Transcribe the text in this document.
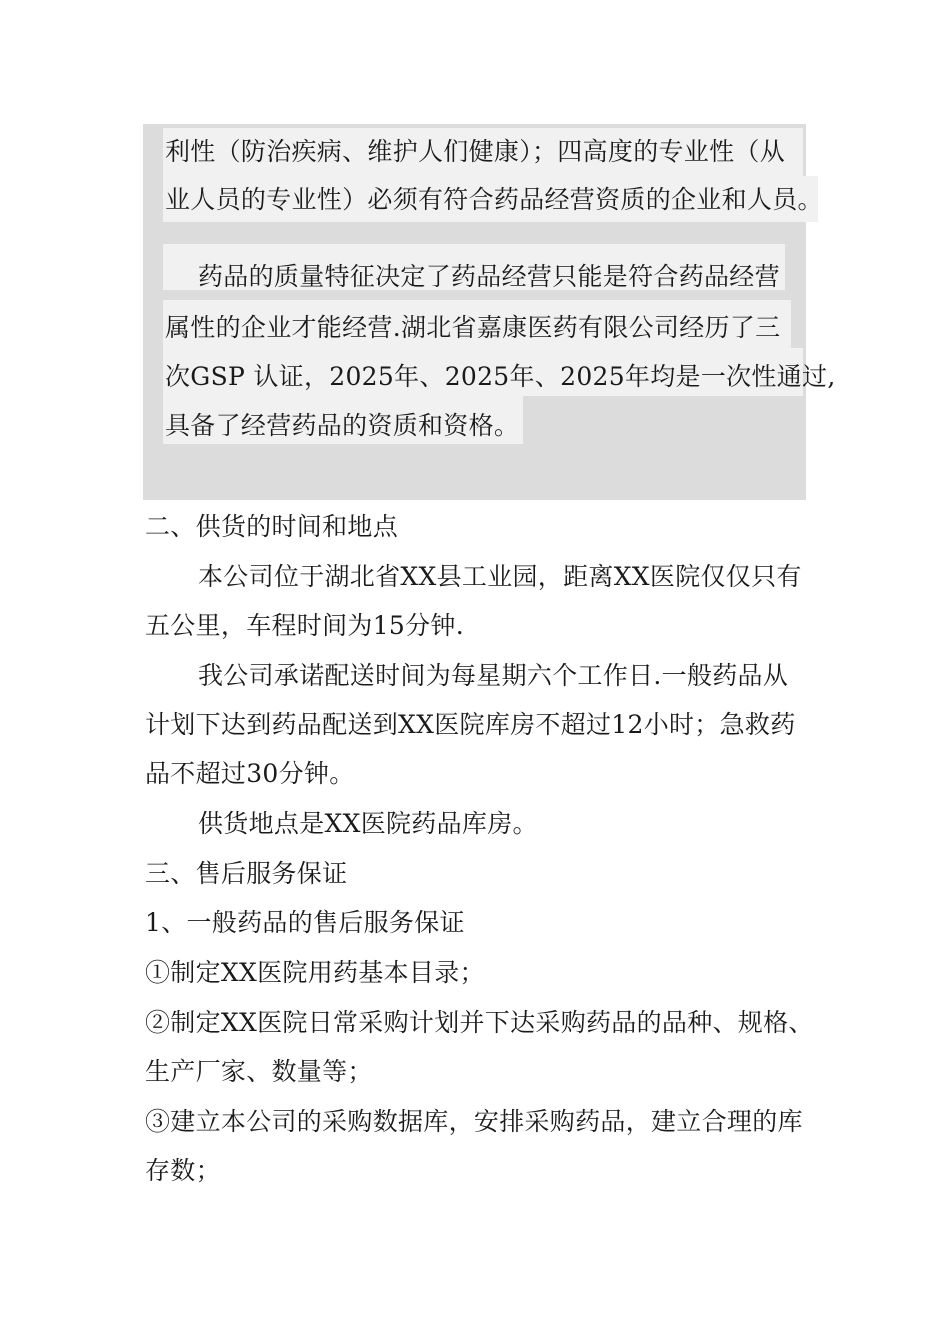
利性（防治疾病、维护人们健康）；四高度的专业性（从
业人员的专业性）必须有符合药品经营资质的企业和人员。
药品的质量特征决定了药品经营只能是符合药品经营
属性的企业才能经营.湖北省嘉康医药有限公司经历了三
次GSP 认证，2025年、2025年、2025年均是一次性通过,
具备了经营药品的资质和资格。
二、供货的时间和地点
本公司位于湖北省XX县工业园，距离XX医院仅仅只有
五公里，车程时间为15分钟.
我公司承诺配送时间为每星期六个工作日.一般药品从
计划下达到药品配送到XX医院库房不超过12小时；急救药
品不超过30分钟。
供货地点是XX医院药品库房。
三、售后服务保证
1、一般药品的售后服务保证
①制定XX医院用药基本目录；
②制定XX医院日常采购计划并下达采购药品的品种、规格、
生产厂家、数量等；
③建立本公司的采购数据库，安排采购药品，建立合理的库
存数；
